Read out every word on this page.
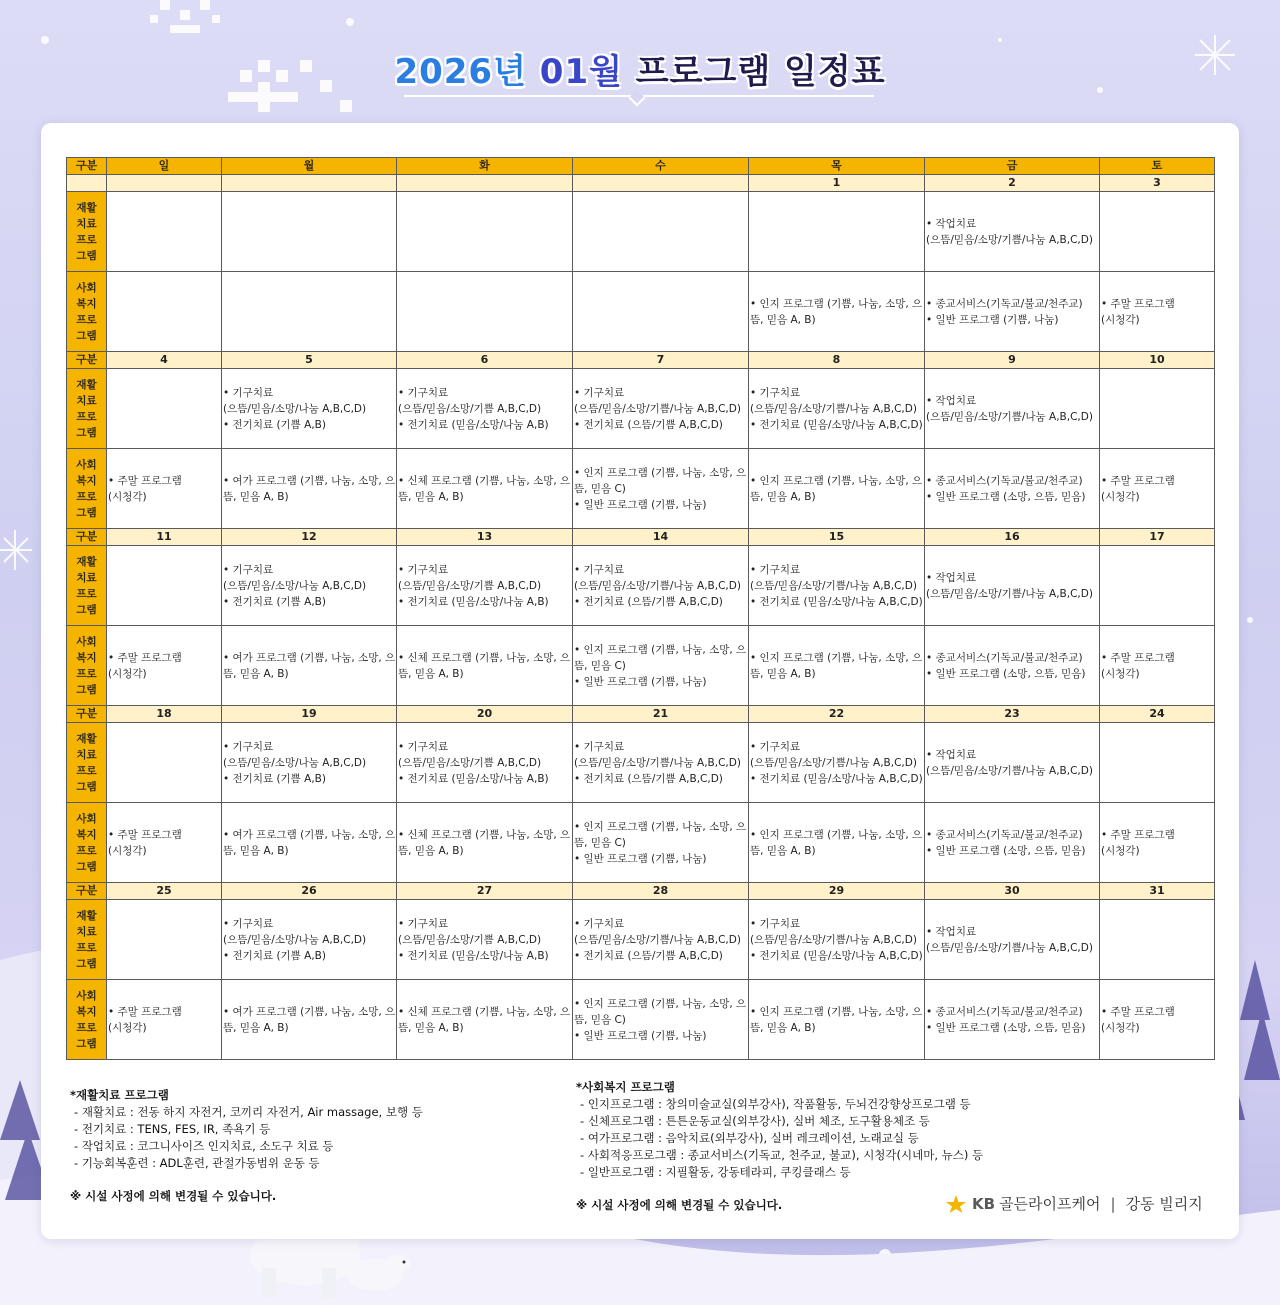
2026년 01월 프로그램 일정표
구분	일	월	화	수	목	금	토
					1	2	3

재활
치료
프로
그램						• 작업치료
(으뜸/믿음/소망/기쁨/나눔 A,B,C,D)	

사회
복지
프로
그램					• 인지 프로그램 (기쁨, 나눔, 소망, 으
뜸, 믿음 A, B)	• 종교서비스(기독교/불교/천주교)
• 일반 프로그램 (기쁨, 나눔)	• 주말 프로그램
(시청각)

구분	4	5	6	7	8	9	10

재활
치료
프로
그램		• 기구치료
(으뜸/믿음/소망/나눔 A,B,C,D)
• 전기치료 (기쁨 A,B)	• 기구치료
(으뜸/믿음/소망/기쁨 A,B,C,D)
• 전기치료 (믿음/소망/나눔 A,B)	• 기구치료
(으뜸/믿음/소망/기쁨/나눔 A,B,C,D)
• 전기치료 (으뜸/기쁨 A,B,C,D)	• 기구치료
(으뜸/믿음/소망/기쁨/나눔 A,B,C,D)
• 전기치료 (믿음/소망/나눔 A,B,C,D)	• 작업치료
(으뜸/믿음/소망/기쁨/나눔 A,B,C,D)	

사회
복지
프로
그램	• 주말 프로그램
(시청각)	• 여가 프로그램 (기쁨, 나눔, 소망, 으
뜸, 믿음 A, B)	• 신체 프로그램 (기쁨, 나눔, 소망, 으
뜸, 믿음 A, B)	• 인지 프로그램 (기쁨, 나눔, 소망, 으
뜸, 믿음 C)
• 일반 프로그램 (기쁨, 나눔)	• 인지 프로그램 (기쁨, 나눔, 소망, 으
뜸, 믿음 A, B)	• 종교서비스(기독교/불교/천주교)
• 일반 프로그램 (소망, 으뜸, 믿음)	• 주말 프로그램
(시청각)

구분	11	12	13	14	15	16	17

재활
치료
프로
그램		• 기구치료
(으뜸/믿음/소망/나눔 A,B,C,D)
• 전기치료 (기쁨 A,B)	• 기구치료
(으뜸/믿음/소망/기쁨 A,B,C,D)
• 전기치료 (믿음/소망/나눔 A,B)	• 기구치료
(으뜸/믿음/소망/기쁨/나눔 A,B,C,D)
• 전기치료 (으뜸/기쁨 A,B,C,D)	• 기구치료
(으뜸/믿음/소망/기쁨/나눔 A,B,C,D)
• 전기치료 (믿음/소망/나눔 A,B,C,D)	• 작업치료
(으뜸/믿음/소망/기쁨/나눔 A,B,C,D)	

사회
복지
프로
그램	• 주말 프로그램
(시청각)	• 여가 프로그램 (기쁨, 나눔, 소망, 으
뜸, 믿음 A, B)	• 신체 프로그램 (기쁨, 나눔, 소망, 으
뜸, 믿음 A, B)	• 인지 프로그램 (기쁨, 나눔, 소망, 으
뜸, 믿음 C)
• 일반 프로그램 (기쁨, 나눔)	• 인지 프로그램 (기쁨, 나눔, 소망, 으
뜸, 믿음 A, B)	• 종교서비스(기독교/불교/천주교)
• 일반 프로그램 (소망, 으뜸, 믿음)	• 주말 프로그램
(시청각)

구분	18	19	20	21	22	23	24

재활
치료
프로
그램		• 기구치료
(으뜸/믿음/소망/나눔 A,B,C,D)
• 전기치료 (기쁨 A,B)	• 기구치료
(으뜸/믿음/소망/기쁨 A,B,C,D)
• 전기치료 (믿음/소망/나눔 A,B)	• 기구치료
(으뜸/믿음/소망/기쁨/나눔 A,B,C,D)
• 전기치료 (으뜸/기쁨 A,B,C,D)	• 기구치료
(으뜸/믿음/소망/기쁨/나눔 A,B,C,D)
• 전기치료 (믿음/소망/나눔 A,B,C,D)	• 작업치료
(으뜸/믿음/소망/기쁨/나눔 A,B,C,D)	

사회
복지
프로
그램	• 주말 프로그램
(시청각)	• 여가 프로그램 (기쁨, 나눔, 소망, 으
뜸, 믿음 A, B)	• 신체 프로그램 (기쁨, 나눔, 소망, 으
뜸, 믿음 A, B)	• 인지 프로그램 (기쁨, 나눔, 소망, 으
뜸, 믿음 C)
• 일반 프로그램 (기쁨, 나눔)	• 인지 프로그램 (기쁨, 나눔, 소망, 으
뜸, 믿음 A, B)	• 종교서비스(기독교/불교/천주교)
• 일반 프로그램 (소망, 으뜸, 믿음)	• 주말 프로그램
(시청각)

구분	25	26	27	28	29	30	31

재활
치료
프로
그램		• 기구치료
(으뜸/믿음/소망/나눔 A,B,C,D)
• 전기치료 (기쁨 A,B)	• 기구치료
(으뜸/믿음/소망/기쁨 A,B,C,D)
• 전기치료 (믿음/소망/나눔 A,B)	• 기구치료
(으뜸/믿음/소망/기쁨/나눔 A,B,C,D)
• 전기치료 (으뜸/기쁨 A,B,C,D)	• 기구치료
(으뜸/믿음/소망/기쁨/나눔 A,B,C,D)
• 전기치료 (믿음/소망/나눔 A,B,C,D)	• 작업치료
(으뜸/믿음/소망/기쁨/나눔 A,B,C,D)	

사회
복지
프로
그램	• 주말 프로그램
(시청각)	• 여가 프로그램 (기쁨, 나눔, 소망, 으
뜸, 믿음 A, B)	• 신체 프로그램 (기쁨, 나눔, 소망, 으
뜸, 믿음 A, B)	• 인지 프로그램 (기쁨, 나눔, 소망, 으
뜸, 믿음 C)
• 일반 프로그램 (기쁨, 나눔)	• 인지 프로그램 (기쁨, 나눔, 소망, 으
뜸, 믿음 A, B)	• 종교서비스(기독교/불교/천주교)
• 일반 프로그램 (소망, 으뜸, 믿음)	• 주말 프로그램
(시청각)
*재활치료 프로그램
- 재활치료 : 전동 하지 자전거, 코끼리 자전거, Air massage, 보행 등
- 전기치료 : TENS, FES, IR, 족욕기 등
- 작업치료 : 코그니사이즈 인지치료, 소도구 치료 등
- 기능회복훈련 : ADL훈련, 관절가동범위 운동 등
※ 시설 사정에 의해 변경될 수 있습니다.
*사회복지 프로그램
- 인지프로그램 : 창의미술교실(외부강사), 작품활동, 두뇌건강향상프로그램 등
- 신체프로그램 : 튼튼운동교실(외부강사), 실버 체조, 도구활용체조 등
- 여가프로그램 : 음악치료(외부강사), 실버 레크레이션, 노래교실 등
- 사회적응프로그램 : 종교서비스(기독교, 천주교, 불교), 시청각(시네마, 뉴스) 등
- 일반프로그램 : 지필활동, 강동테라피, 쿠킹클래스 등
※ 시설 사정에 의해 변경될 수 있습니다.	KB 골든라이프케어 | 강동 빌리지
